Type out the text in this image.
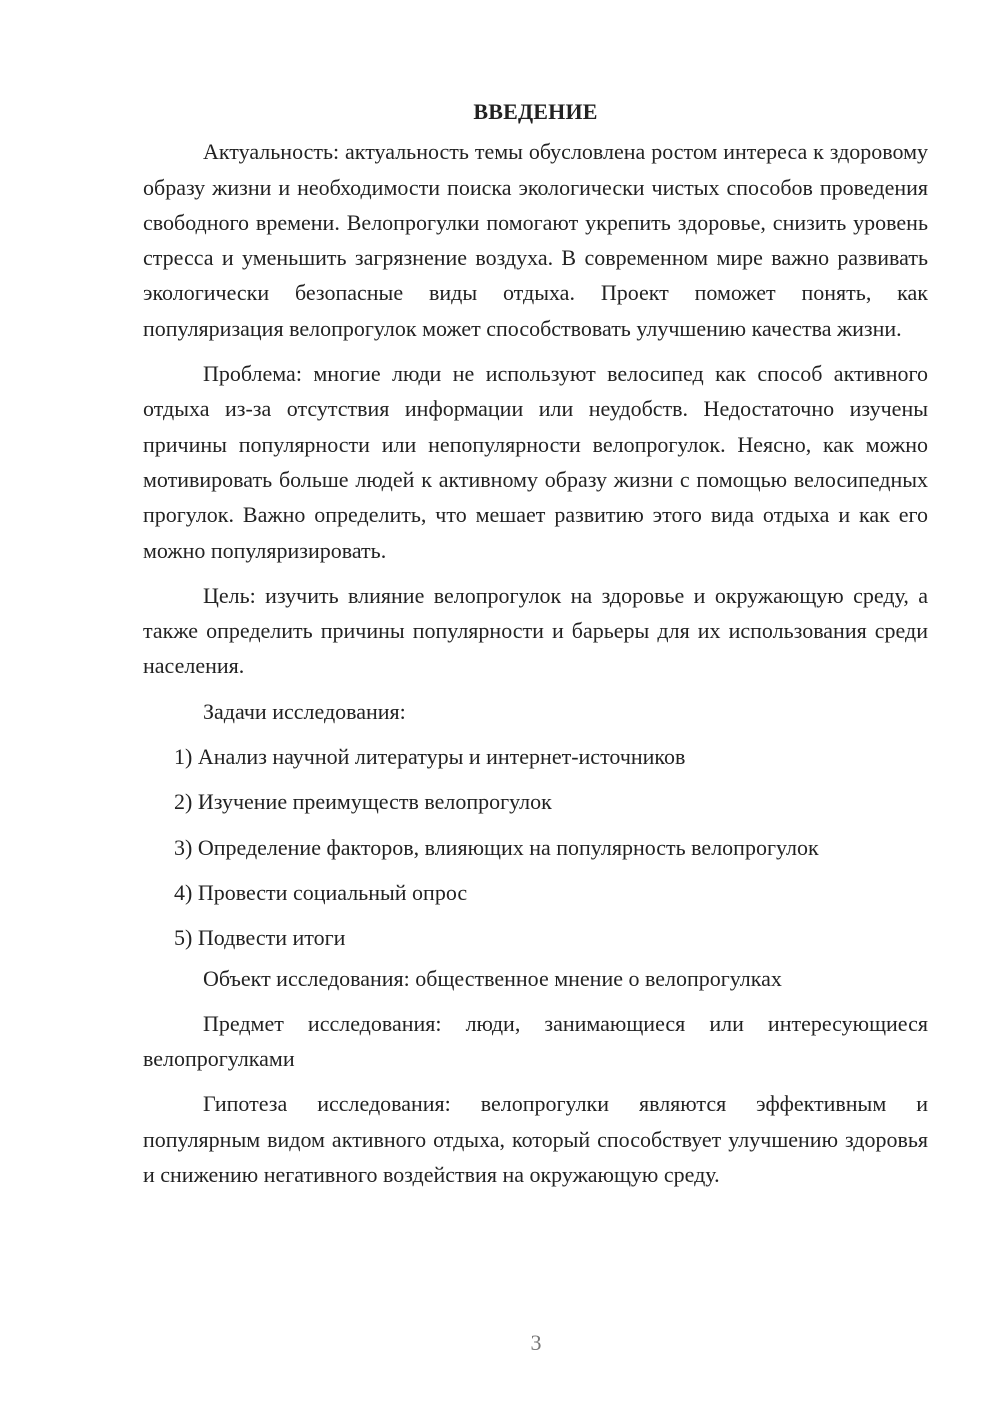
ВВЕДЕНИЕ

Актуальность: актуальность темы обусловлена ростом интереса к здоровому образу жизни и необходимости поиска экологически чистых способов проведения свободного времени. Велопрогулки помогают укрепить здоровье, снизить уровень стресса и уменьшить загрязнение воздуха. В современном мире важно развивать экологически безопасные виды отдыха. Проект поможет понять, как популяризация велопрогулок может способствовать улучшению качества жизни.

Проблема: многие люди не используют велосипед как способ активного отдыха из-за отсутствия информации или неудобств. Недостаточно изучены причины популярности или непопулярности велопрогулок. Неясно, как можно мотивировать больше людей к активному образу жизни с помощью велосипедных прогулок. Важно определить, что мешает развитию этого вида отдыха и как его можно популяризировать.

Цель: изучить влияние велопрогулок на здоровье и окружающую среду, а также определить причины популярности и барьеры для их использования среди населения.

Задачи исследования:

1) Анализ научной литературы и интернет-источников
2) Изучение преимуществ велопрогулок
3) Определение факторов, влияющих на популярность велопрогулок
4) Провести социальный опрос
5) Подвести итоги

Объект исследования: общественное мнение о велопрогулках

Предмет исследования: люди, занимающиеся или интересующиеся велопрогулками

Гипотеза исследования: велопрогулки являются эффективным и популярным видом активного отдыха, который способствует улучшению здоровья и снижению негативного воздействия на окружающую среду.

3
